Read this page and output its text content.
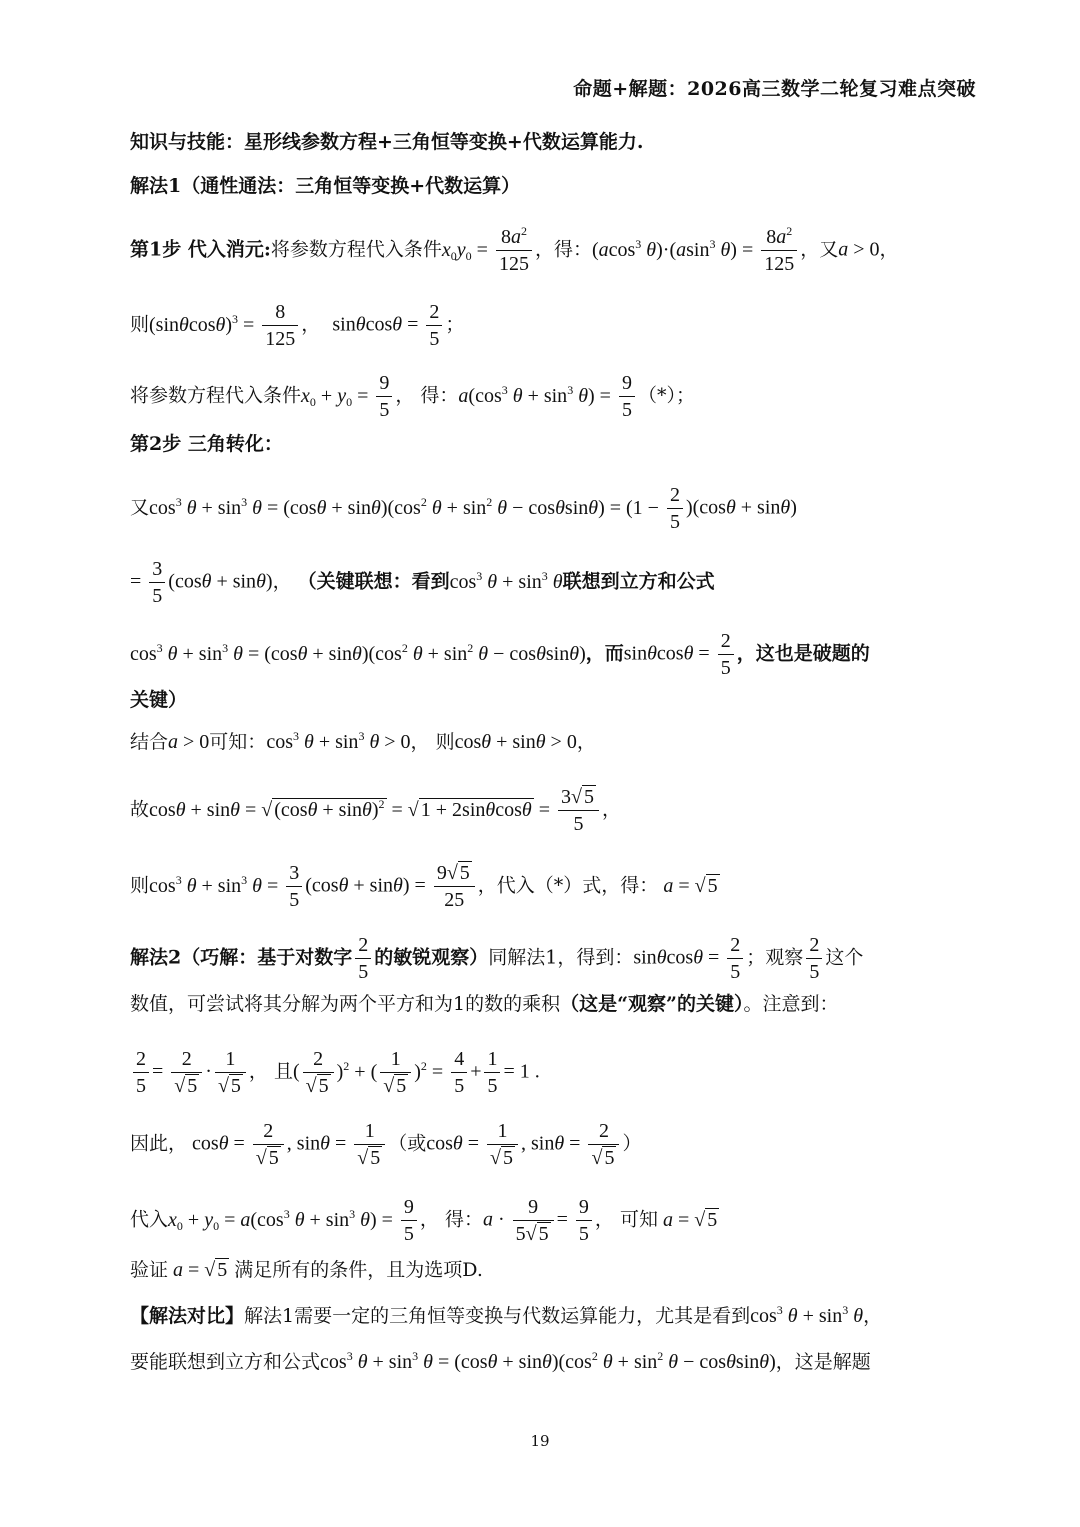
命题+解题：2026高三数学二轮复习难点突破
知识与技能：星形线参数方程+三角恒等变换+代数运算能力.
解法1（通性通法：三角恒等变换+代数运算）
第1步 代入消元:将参数方程代入条件$x_0y_0 = \frac{8a^2}{125}$ ，得：(acos$^3$ θ)·(asin$^3$ $\theta) = \frac{8a^2}{125}$ ，又a > 0，
则$(\sin\theta\cos\theta)^3 = \frac{8}{125}$ ，  $\sin\theta\cos\theta = \frac{2}{5}$ ；
将参数方程代入条件$x_0 + y_0 = \frac{9}{5}$ ， 得：$a(\cos^3$ $\theta + \sin^3 \theta) = \frac{9}{5}$ （*）；
第2步 三角转化：
又$\cos^3 \theta + \sin^3 \theta = (\cos\theta + \sin\theta)(\cos^2$ $\theta + \sin^2 \theta - \cos\theta\sin\theta) = (1 - \frac{2}{5} )(\cos\theta + \sin\theta)$
= $\frac{3}{5} (\cos\theta + \sin\theta)$， （关键联想：看到$\cos^3 \theta + \sin^3 \theta$联想到立方和公式
$\cos^3 \theta + \sin^3 \theta = (\cos\theta + \sin\theta)(\cos^2$ $\theta + \sin^2 \theta - \cos\theta\sin\theta$)，而$\sin\theta\cos\theta = \frac{2}{5}$ ，这也是破题的
关键）
结合a > 0可知：$\cos^3 \theta + \sin^3 \theta > 0$， 则cosθ + sinθ > 0，
故cosθ + sinθ = √ $(\cos\theta + \sin\theta)^2$ = √ $1 + 2\sin\theta\cos\theta = \frac{3√ 5}{5}$ ，
则$\cos^3 \theta + \sin^3 \theta = \frac{3}{5} (\cos\theta + \sin\theta) = \frac{9√ 5}{25}$ ，代入（*）式，得： a = √ 5
解法2（巧解：基于对数字 $\frac{2}{5}$ 的敏锐观察）同解法1，得到：$\sin\theta\cos\theta = \frac{2}{5}$ ；观察 $\frac{2}{5}$ 这个
数值，可尝试将其分解为两个平方和为1的数的乘积（这是“观察”的关键）。注意到：
$\frac{2}{5} = \frac{2}{√ 5} \cdot \frac{1}{√ 5}$ ， 且( $\frac{2}{√ 5} )^2$ + ( $\frac{1}{√ 5} )^2 = \frac{4}{5} + \frac{1}{5} = 1$ .
因此， $\cos\theta = \frac{2}{√ 5}$ , $\sin\theta = \frac{1}{√ 5}$ （或$\cos\theta = \frac{1}{√ 5}$ , $\sin\theta = \frac{2}{√ 5}$ ）
代入$x_0 + y_0 = a(\cos^3$ $\theta + \sin^3 \theta) = \frac{9}{5}$ ， 得：$a \cdot \frac{9}{5√ 5} = \frac{9}{5}$ ， 可知 a = √ 5
验证 a = √ 5 满足所有的条件，且为选项D.
【解法对比】解法1需要一定的三角恒等变换与代数运算能力，尤其是看到$\cos^3 \theta + \sin^3 \theta$，
要能联想到立方和公式$\cos^3 \theta + \sin^3 \theta = (\cos\theta + \sin\theta)(\cos^2$ $\theta + \sin^2 \theta - \cos\theta\sin\theta$)，这是解题
19
